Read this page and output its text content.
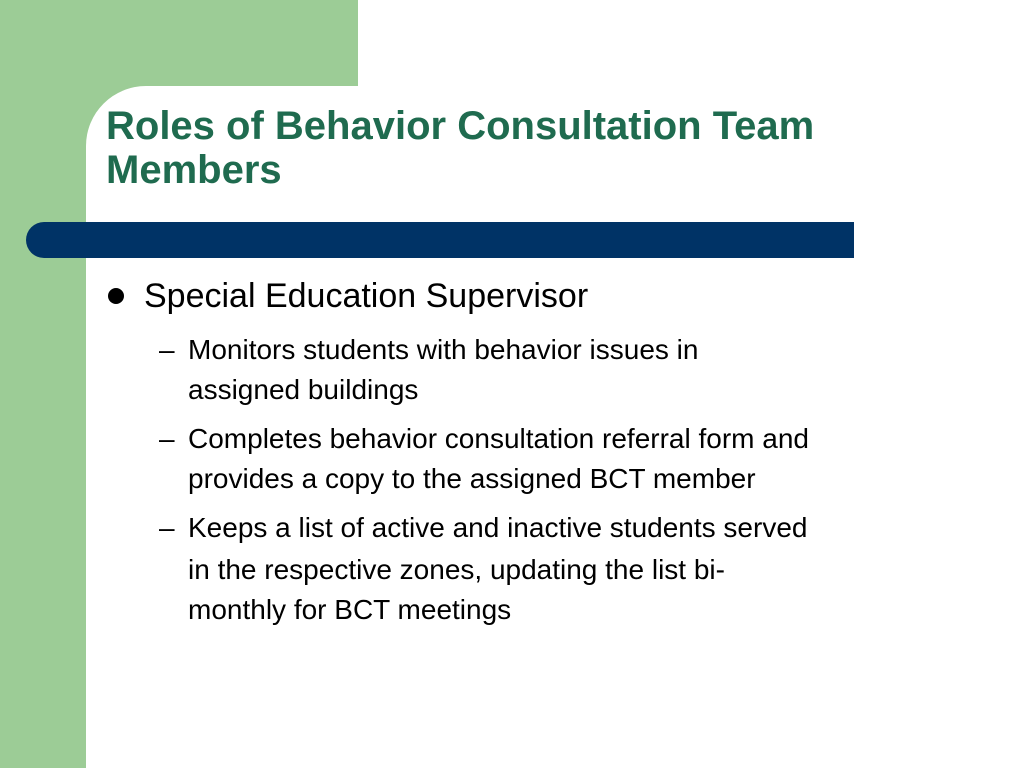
Roles of Behavior Consultation Team Members
Special Education Supervisor
– Monitors students with behavior issues in
assigned buildings
– Completes behavior consultation referral form and
provides a copy to the assigned BCT member
– Keeps a list of active and inactive students served
in the respective zones, updating the list bi-
monthly for BCT meetings
